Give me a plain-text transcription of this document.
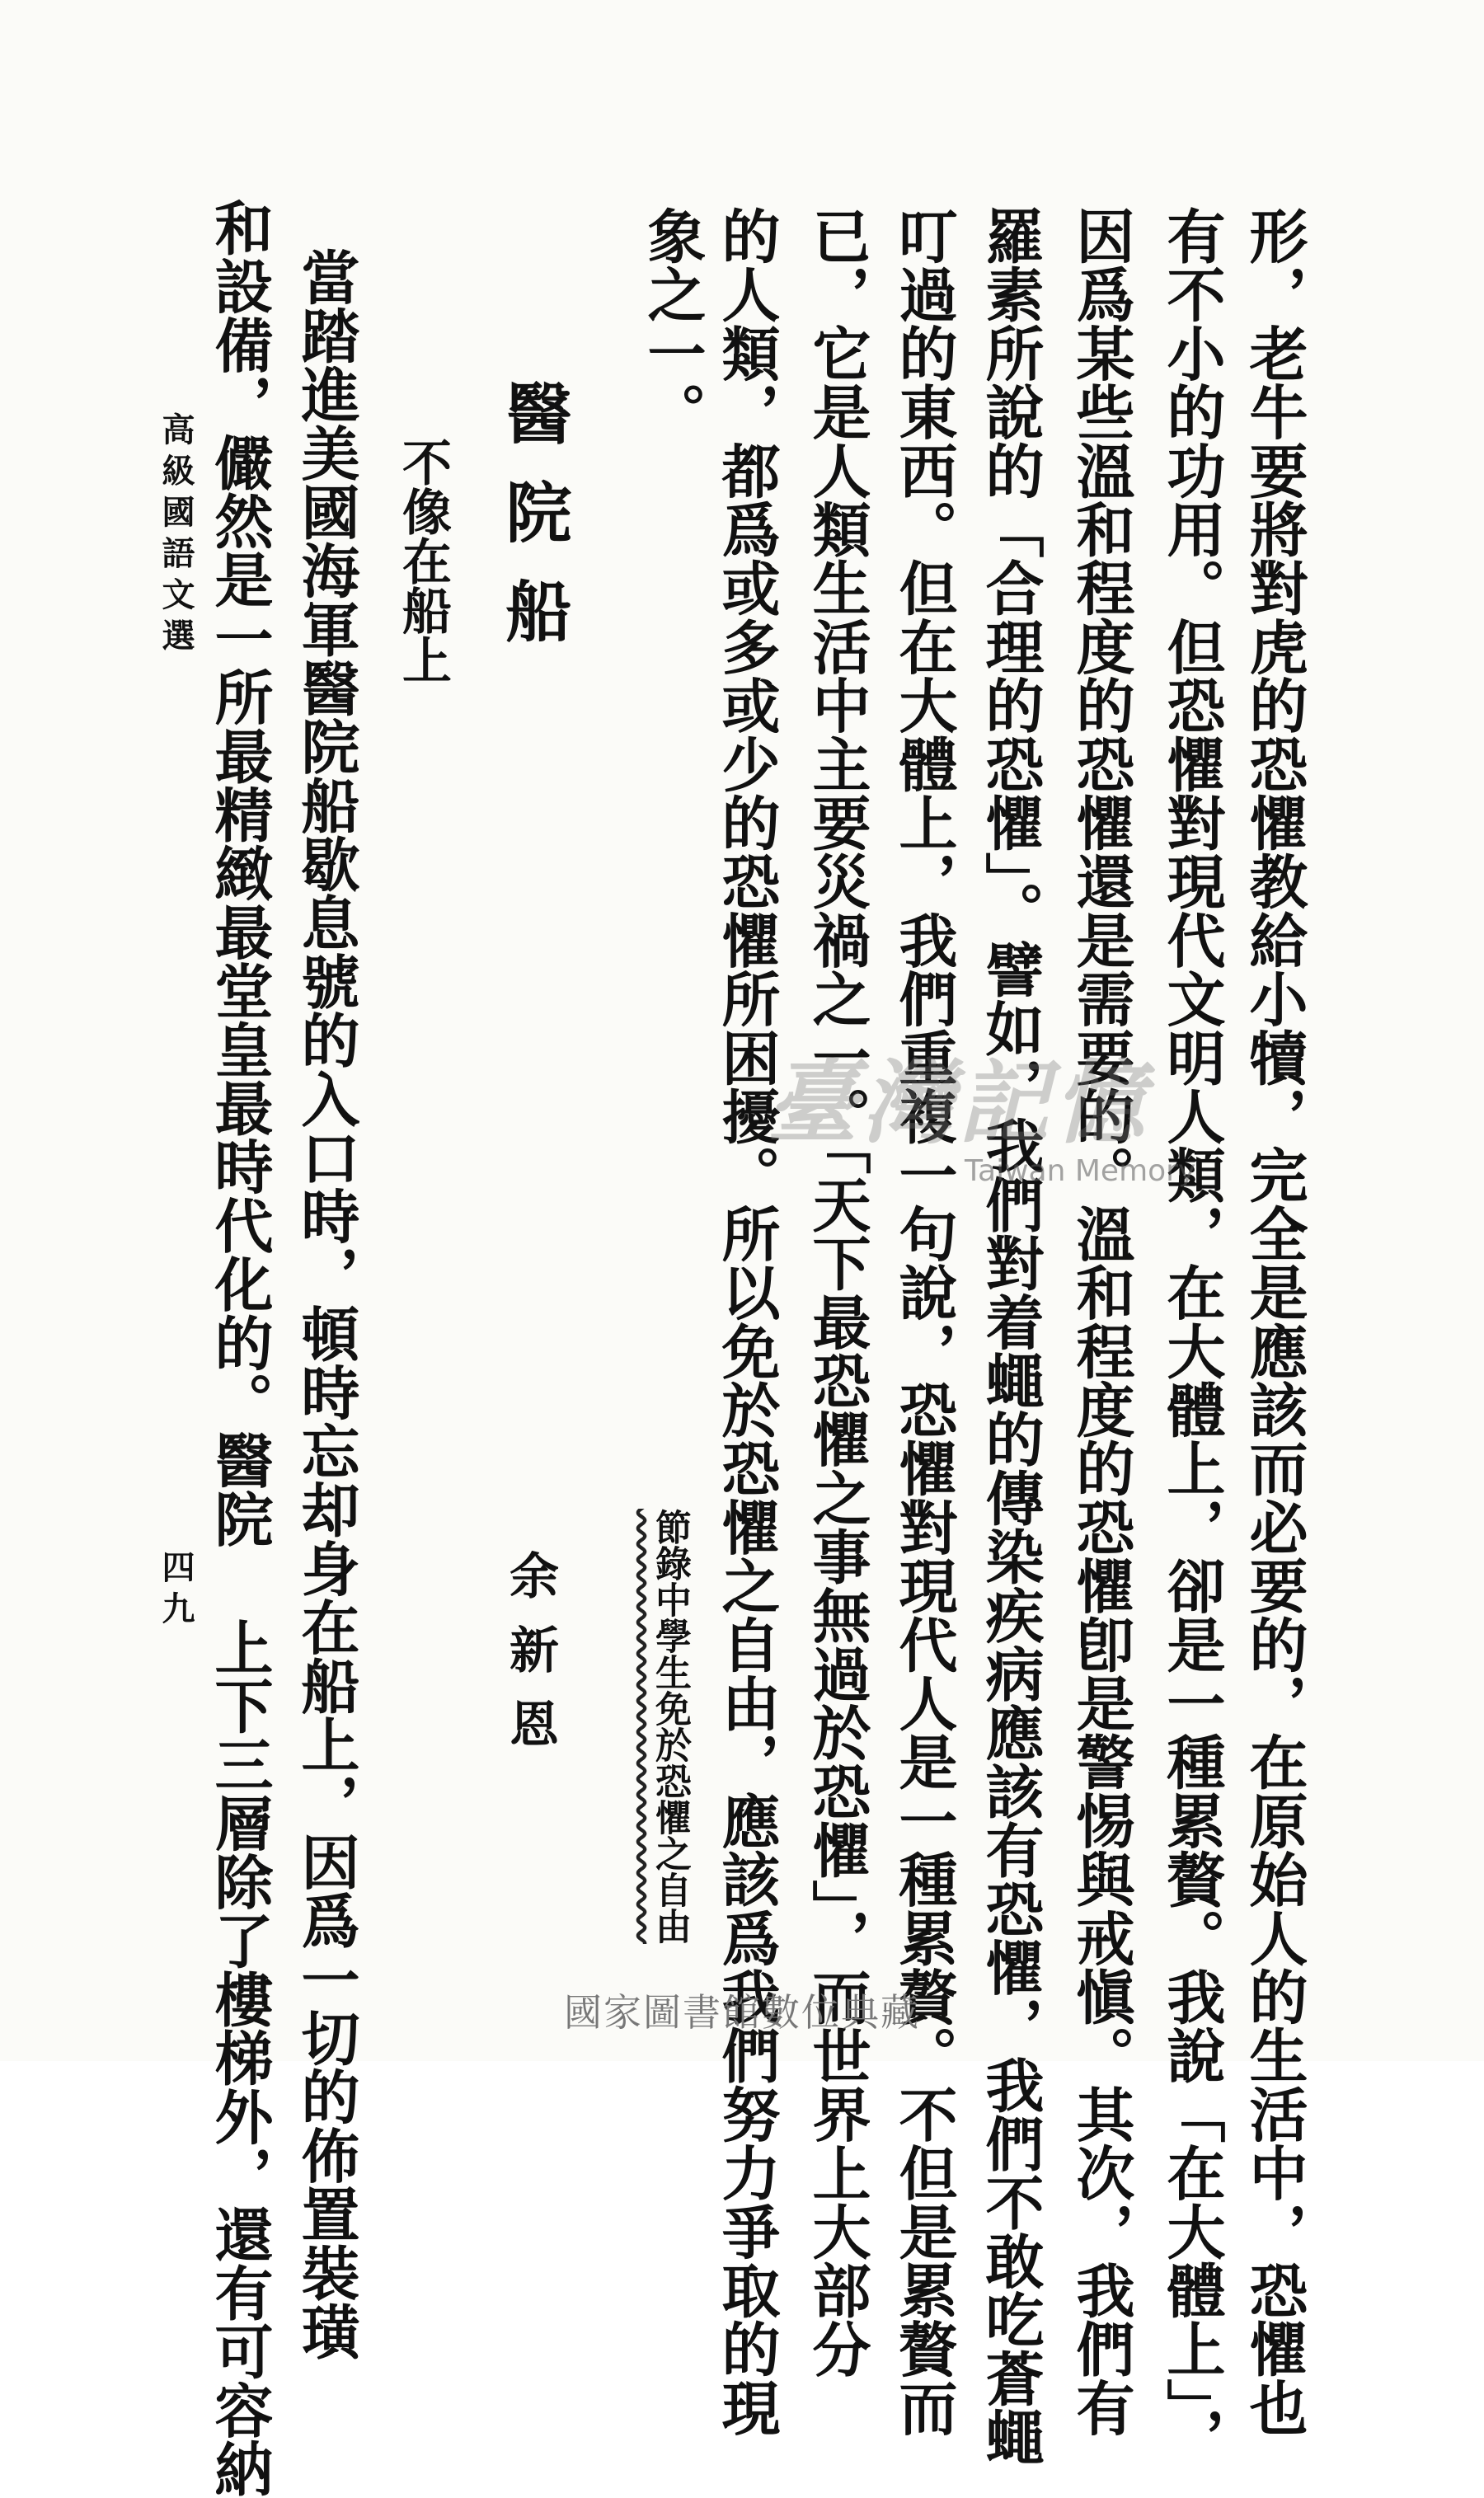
形，老牛要將對虎的恐懼教給小犢，完全是應該而必要的，在原始人的生活中，恐懼也
有不小的功用。但恐懼對現代文明人類，在大體上，卻是一種累贅。我說「在大體上」，
因爲某些溫和程度的恐懼還是需要的。溫和程度的恐懼卽是警惕與戒愼。其次，我們有
羅素所說的「合理的恐懼」。譬如，我們對着蠅的傳染疾病應該有恐懼，我們不敢吃蒼蠅
叮過的東西。但在大體上，我們重複一句說，恐懼對現代人是一種累贅。不但是累贅而
已，它是人類生活中主要災禍之一。「天下最恐懼之事無過於恐懼」，而世界上大部分
的人類，都爲或多或少的恐懼所困擾。所以免於恐懼之自由，應該爲我們努力爭取的現
象之一。
節錄中學生免於恐懼之自由
醫院船
余新恩
不像在船上
當踏進美國海軍醫院船歇息號的入口時，頓時忘却身在船上，因爲一切的佈置裝璜
和設備，儼然是一所最精緻最堂皇最時代化的。醫院 上下三層除了樓梯外，還有可容納
高級國語文選
四九
臺灣記憶
Taiwan Memory
國家圖書館數位典藏
